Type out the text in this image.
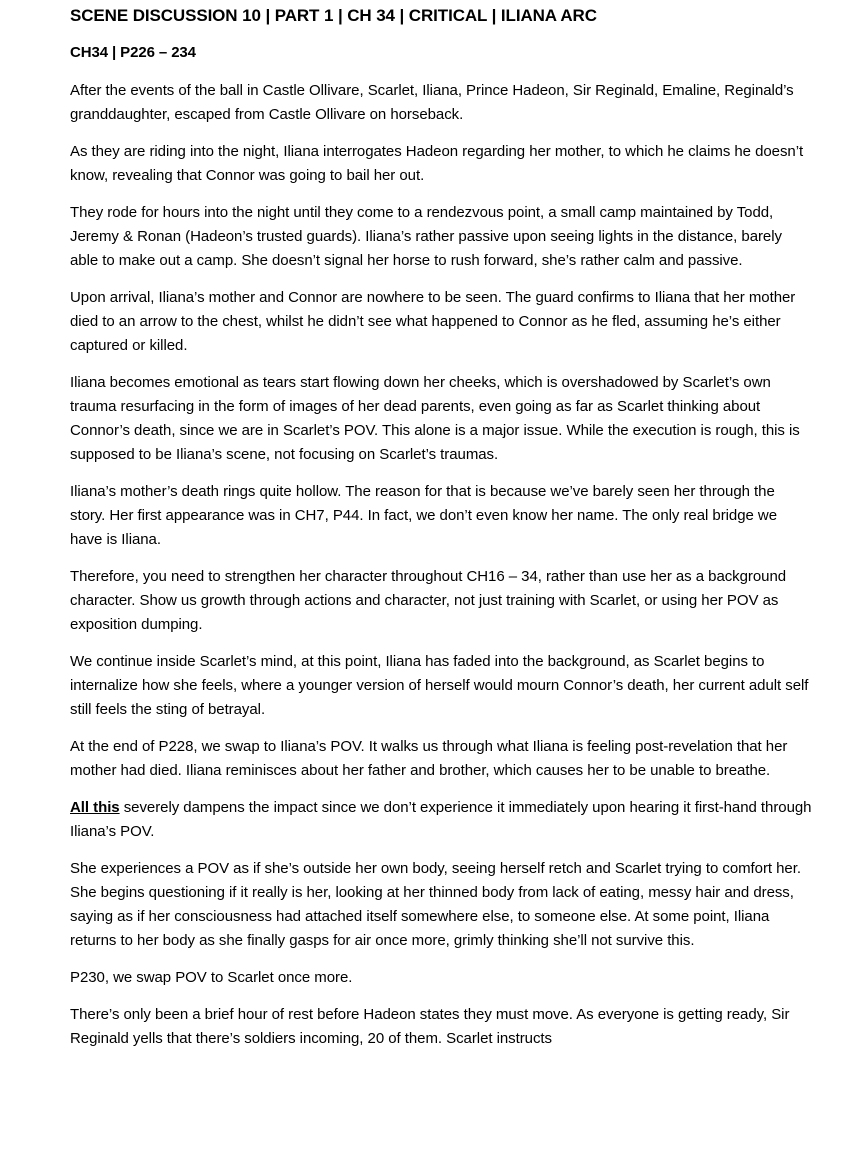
SCENE DISCUSSION 10 | PART 1 | CH 34 | CRITICAL | ILIANA ARC
CH34 | P226 – 234

After the events of the ball in Castle Ollivare, Scarlet, Iliana, Prince Hadeon, Sir Reginald, Emaline, Reginald’s granddaughter, escaped from Castle Ollivare on horseback.

As they are riding into the night, Iliana interrogates Hadeon regarding her mother, to which he claims he doesn’t know, revealing that Connor was going to bail her out.

They rode for hours into the night until they come to a rendezvous point, a small camp maintained by Todd, Jeremy & Ronan (Hadeon’s trusted guards). Iliana’s rather passive upon seeing lights in the distance, barely able to make out a camp. She doesn’t signal her horse to rush forward, she’s rather calm and passive.

Upon arrival, Iliana’s mother and Connor are nowhere to be seen. The guard confirms to Iliana that her mother died to an arrow to the chest, whilst he didn’t see what happened to Connor as he fled, assuming he’s either captured or killed.

Iliana becomes emotional as tears start flowing down her cheeks, which is overshadowed by Scarlet’s own trauma resurfacing in the form of images of her dead parents, even going as far as Scarlet thinking about Connor’s death, since we are in Scarlet’s POV. This alone is a major issue. While the execution is rough, this is supposed to be Iliana’s scene, not focusing on Scarlet’s traumas.

Iliana’s mother’s death rings quite hollow. The reason for that is because we’ve barely seen her through the story. Her first appearance was in CH7, P44. In fact, we don’t even know her name. The only real bridge we have is Iliana.

Therefore, you need to strengthen her character throughout CH16 – 34, rather than use her as a background character. Show us growth through actions and character, not just training with Scarlet, or using her POV as exposition dumping.

We continue inside Scarlet’s mind, at this point, Iliana has faded into the background, as Scarlet begins to internalize how she feels, where a younger version of herself would mourn Connor’s death, her current adult self still feels the sting of betrayal.

At the end of P228, we swap to Iliana’s POV. It walks us through what Iliana is feeling post-revelation that her mother had died. Iliana reminisces about her father and brother, which causes her to be unable to breathe.

All this severely dampens the impact since we don’t experience it immediately upon hearing it first-hand through Iliana’s POV.

She experiences a POV as if she’s outside her own body, seeing herself retch and Scarlet trying to comfort her. She begins questioning if it really is her, looking at her thinned body from lack of eating, messy hair and dress, saying as if her consciousness had attached itself somewhere else, to someone else. At some point, Iliana returns to her body as she finally gasps for air once more, grimly thinking she’ll not survive this.

P230, we swap POV to Scarlet once more.

There’s only been a brief hour of rest before Hadeon states they must move. As everyone is getting ready, Sir Reginald yells that there’s soldiers incoming, 20 of them. Scarlet instructs
